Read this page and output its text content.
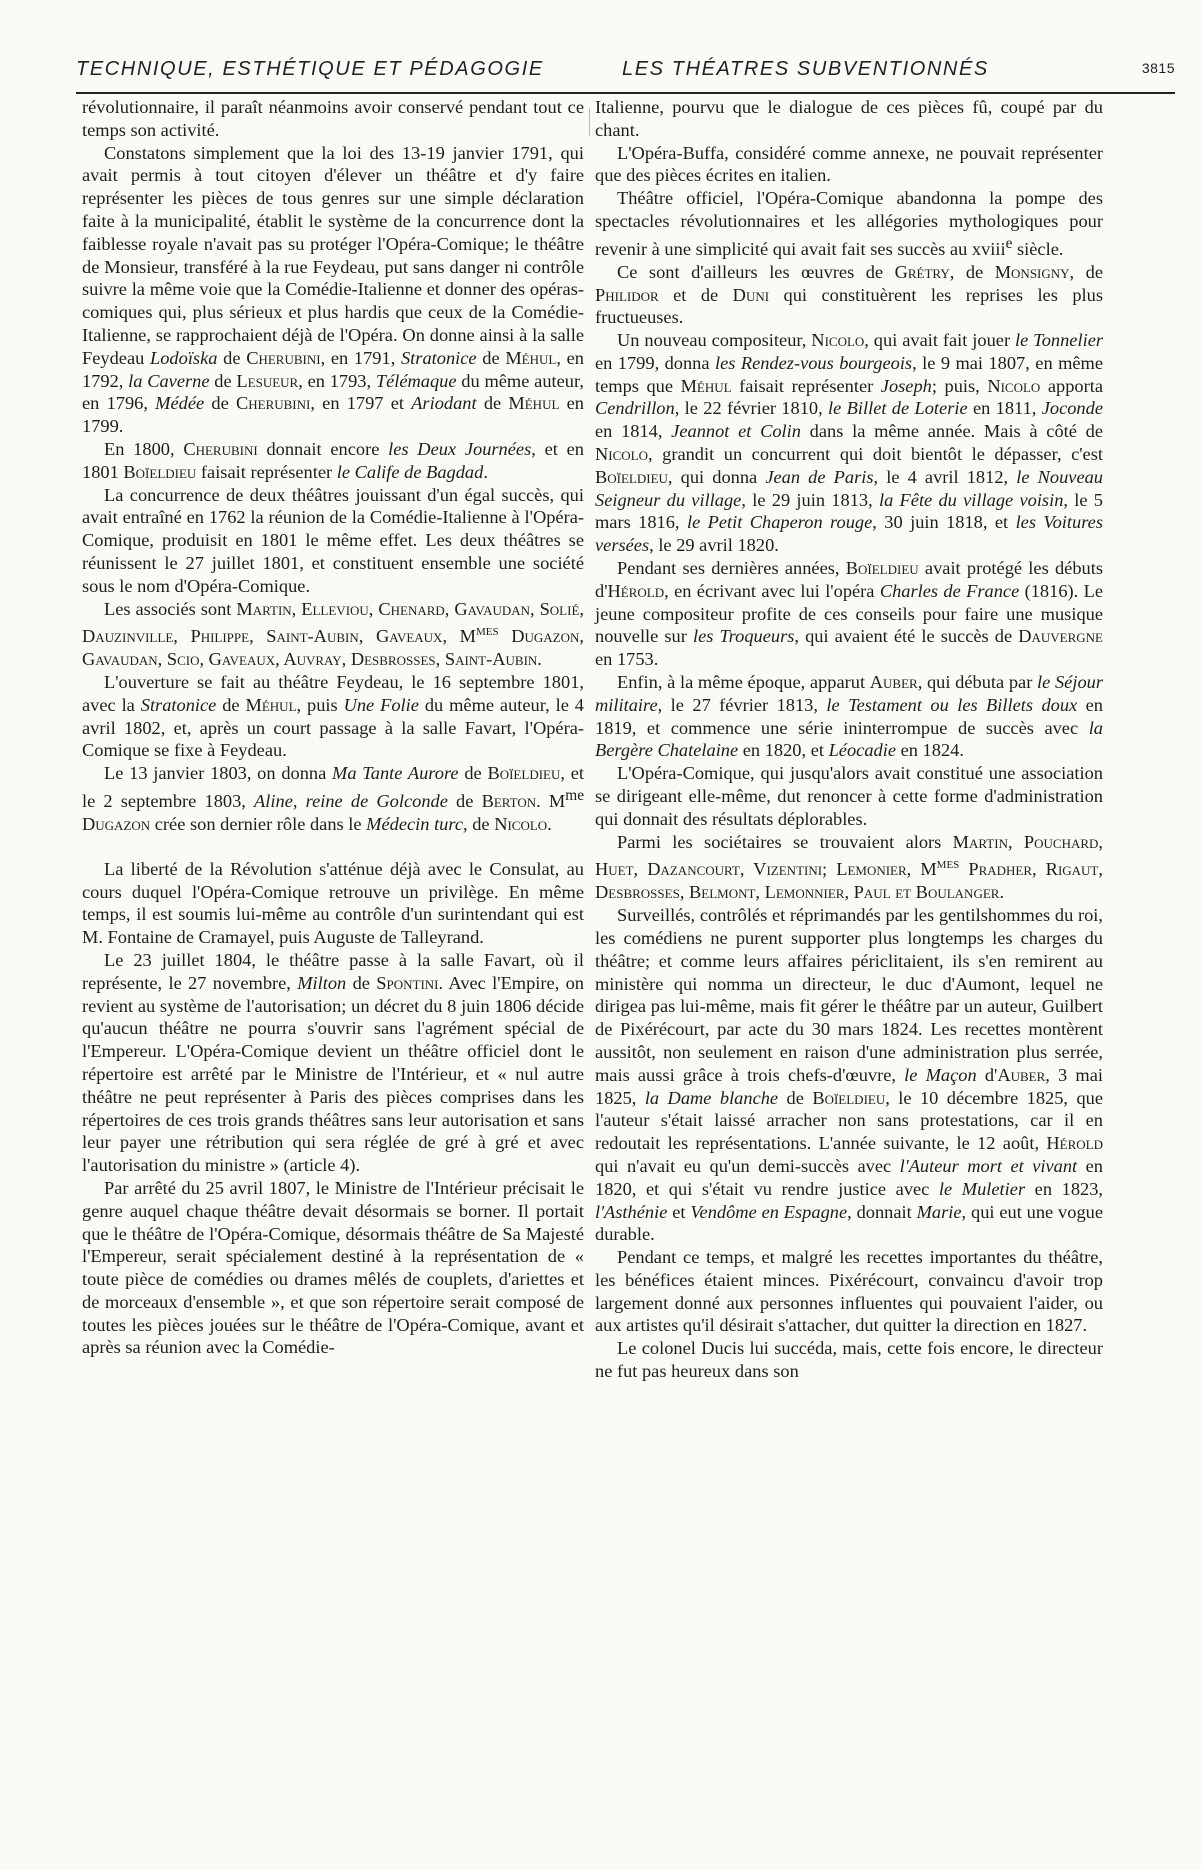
TECHNIQUE, ESTHÉTIQUE ET PÉDAGOGIE	LES THÉATRES SUBVENTIONNÉS	3815

révolutionnaire, il paraît néanmoins avoir conservé pendant tout ce temps son activité.

Constatons simplement que la loi des 13-19 janvier 1791, qui avait permis à tout citoyen d'élever un théâtre et d'y faire représenter les pièces de tous genres sur une simple déclaration faite à la municipalité, établit le système de la concurrence dont la faiblesse royale n'avait pas su protéger l'Opéra-Comique; le théâtre de Monsieur, transféré à la rue Feydeau, put sans danger ni contrôle suivre la même voie que la Comédie-Italienne et donner des opéras-comiques qui, plus sérieux et plus hardis que ceux de la Comédie-Italienne, se rapprochaient déjà de l'Opéra. On donne ainsi à la salle Feydeau Lodoïska de Cherubini, en 1791, Stratonice de Méhul, en 1792, la Caverne de Lesueur, en 1793, Télémaque du même auteur, en 1796, Médée de Cherubini, en 1797 et Ariodant de Méhul en 1799.

En 1800, Cherubini donnait encore les Deux Journées, et en 1801 Boïeldieu faisait représenter le Calife de Bagdad.

La concurrence de deux théâtres jouissant d'un égal succès, qui avait entraîné en 1762 la réunion de la Comédie-Italienne à l'Opéra-Comique, produisit en 1801 le même effet. Les deux théâtres se réunissent le 27 juillet 1801, et constituent ensemble une société sous le nom d'Opéra-Comique.

Les associés sont Martin, Elleviou, Chenard, Gavaudan, Solié, Dauzinville, Philippe, Saint-Aubin, Gaveaux, $M^{mes}$ Dugazon, Gavaudan, Scio, Gaveaux, Auvray, Desbrosses, Saint-Aubin.

L'ouverture se fait au théâtre Feydeau, le 16 septembre 1801, avec la Stratonice de Méhul, puis Une Folie du même auteur, le 4 avril 1802, et, après un court passage à la salle Favart, l'Opéra-Comique se fixe à Feydeau.

Le 13 janvier 1803, on donna Ma Tante Aurore de Boïeldieu, et le 2 septembre 1803, Aline, reine de Golconde de Berton. $M^{me}$ Dugazon crée son dernier rôle dans le Médecin turc, de Nicolo.

La liberté de la Révolution s'atténue déjà avec le Consulat, au cours duquel l'Opéra-Comique retrouve un privilège. En même temps, il est soumis lui-même au contrôle d'un surintendant qui est M. Fontaine de Cramayel, puis Auguste de Talleyrand.

Le 23 juillet 1804, le théâtre passe à la salle Favart, où il représente, le 27 novembre, Milton de Spontini. Avec l'Empire, on revient au système de l'autorisation; un décret du 8 juin 1806 décide qu'aucun théâtre ne pourra s'ouvrir sans l'agrément spécial de l'Empereur. L'Opéra-Comique devient un théâtre officiel dont le répertoire est arrêté par le Ministre de l'Intérieur, et « nul autre théâtre ne peut représenter à Paris des pièces comprises dans les répertoires de ces trois grands théâtres sans leur autorisation et sans leur payer une rétribution qui sera réglée de gré à gré et avec l'autorisation du ministre » (article 4).

Par arrêté du 25 avril 1807, le Ministre de l'Intérieur précisait le genre auquel chaque théâtre devait désormais se borner. Il portait que le théâtre de l'Opéra-Comique, désormais théâtre de Sa Majesté l'Empereur, serait spécialement destiné à la représentation de « toute pièce de comédies ou drames mêlés de couplets, d'ariettes et de morceaux d'ensemble », et que son répertoire serait composé de toutes les pièces jouées sur le théâtre de l'Opéra-Comique, avant et après sa réunion avec la Comédie-

Italienne, pourvu que le dialogue de ces pièces fû, coupé par du chant.

L'Opéra-Buffa, considéré comme annexe, ne pouvait représenter que des pièces écrites en italien.

Théâtre officiel, l'Opéra-Comique abandonna la pompe des spectacles révolutionnaires et les allégories mythologiques pour revenir à une simplicité qui avait fait ses succès au xviii$^e$ siècle.

Ce sont d'ailleurs les œuvres de Grétry, de Monsigny, de Philidor et de Duni qui constituèrent les reprises les plus fructueuses.

Un nouveau compositeur, Nicolo, qui avait fait jouer le Tonnelier en 1799, donna les Rendez-vous bourgeois, le 9 mai 1807, en même temps que Méhul faisait représenter Joseph; puis, Nicolo apporta Cendrillon, le 22 février 1810, le Billet de Loterie en 1811, Joconde en 1814, Jeannot et Colin dans la même année. Mais à côté de Nicolo, grandit un concurrent qui doit bientôt le dépasser, c'est Boïeldieu, qui donna Jean de Paris, le 4 avril 1812, le Nouveau Seigneur du village, le 29 juin 1813, la Fête du village voisin, le 5 mars 1816, le Petit Chaperon rouge, 30 juin 1818, et les Voitures versées, le 29 avril 1820.

Pendant ses dernières années, Boïeldieu avait protégé les débuts d'Hérold, en écrivant avec lui l'opéra Charles de France (1816). Le jeune compositeur profite de ces conseils pour faire une musique nouvelle sur les Troqueurs, qui avaient été le succès de Dauvergne en 1753.

Enfin, à la même époque, apparut Auber, qui débuta par le Séjour militaire, le 27 février 1813, le Testament ou les Billets doux en 1819, et commence une série ininterrompue de succès avec la Bergère Chatelaine en 1820, et Léocadie en 1824.

L'Opéra-Comique, qui jusqu'alors avait constitué une association se dirigeant elle-même, dut renoncer à cette forme d'administration qui donnait des résultats déplorables.

Parmi les sociétaires se trouvaient alors Martin, Pouchard, Huet, Dazancourt, Vizentini; Lemonier, $M^{mes}$ Pradher, Rigaut, Desbrosses, Belmont, Lemonnier, Paul et Boulanger.

Surveillés, contrôlés et réprimandés par les gentilshommes du roi, les comédiens ne purent supporter plus longtemps les charges du théâtre; et comme leurs affaires périclitaient, ils s'en remirent au ministère qui nomma un directeur, le duc d'Aumont, lequel ne dirigea pas lui-même, mais fit gérer le théâtre par un auteur, Guilbert de Pixérécourt, par acte du 30 mars 1824. Les recettes montèrent aussitôt, non seulement en raison d'une administration plus serrée, mais aussi grâce à trois chefs-d'œuvre, le Maçon d'Auber, 3 mai 1825, la Dame blanche de Boïeldieu, le 10 décembre 1825, que l'auteur s'était laissé arracher non sans protestations, car il en redoutait les représentations. L'année suivante, le 12 août, Hérold qui n'avait eu qu'un demi-succès avec l'Auteur mort et vivant en 1820, et qui s'était vu rendre justice avec le Muletier en 1823, l'Asthénie et Vendôme en Espagne, donnait Marie, qui eut une vogue durable.

Pendant ce temps, et malgré les recettes importantes du théâtre, les bénéfices étaient minces. Pixérécourt, convaincu d'avoir trop largement donné aux personnes influentes qui pouvaient l'aider, ou aux artistes qu'il désirait s'attacher, dut quitter la direction en 1827.

Le colonel Ducis lui succéda, mais, cette fois encore, le directeur ne fut pas heureux dans son
